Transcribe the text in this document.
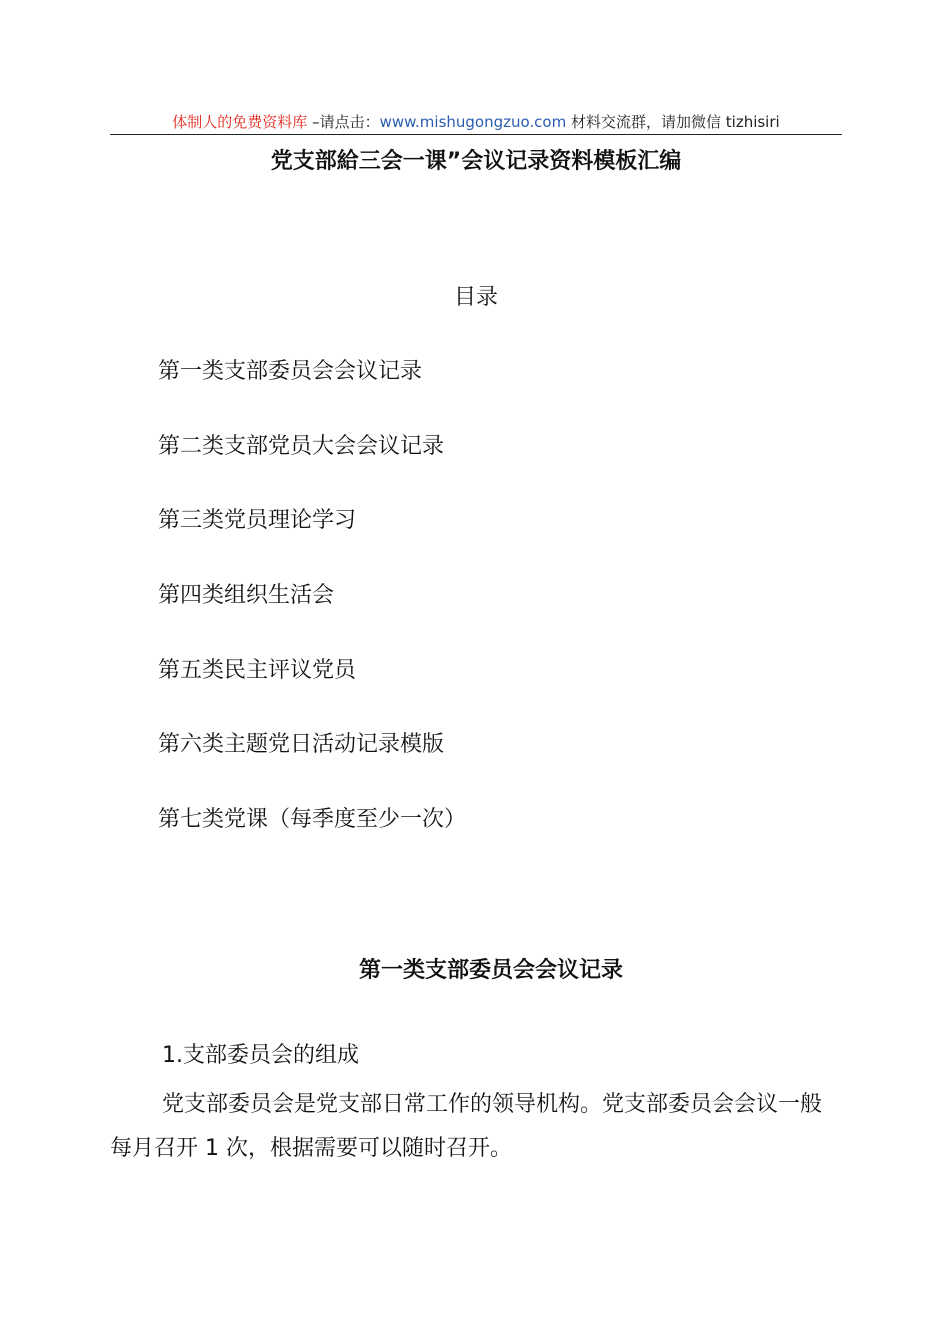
体制人的免费资料库 –请点击：www.mishugongzuo.com 材料交流群，请加微信 tizhisiri
党支部給三会一课”会议记录资料模板汇编
目录
第一类支部委员会会议记录
第二类支部党员大会会议记录
第三类党员理论学习
第四类组织生活会
第五类民主评议党员
第六类主题党日活动记录模版
第七类党课（每季度至少一次）
第一类支部委员会会议记录
1.支部委员会的组成

党支部委员会是党支部日常工作的领导机构。党支部委员会会议一般每月召开 1 次，根据需要可以随时召开。
